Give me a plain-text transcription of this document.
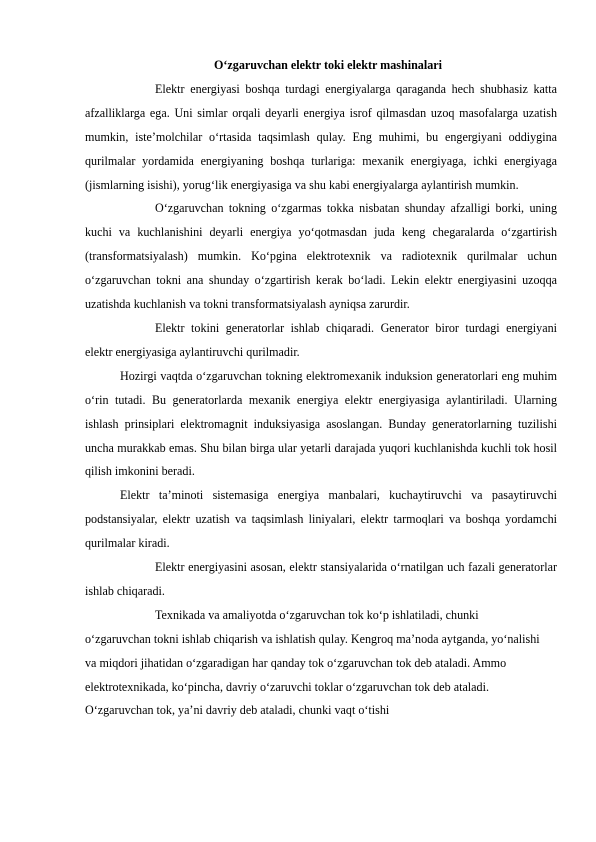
O‘zgaruvchan elektr toki elektr mashinalari

Elektr energiyasi boshqa turdagi energiyalarga qaraganda hech shubhasiz katta afzalliklarga ega. Uni simlar orqali deyarli energiya isrof qilmasdan uzoq masofalarga uzatish mumkin, iste’molchilar o‘rtasida taqsimlash qulay. Eng muhimi, bu engergiyani oddiygina qurilmalar yordamida energiyaning boshqa turlariga: mexanik energiyaga, ichki energiyaga (jismlarning isishi), yorug‘lik energiyasiga va shu kabi energiyalarga aylantirish mumkin.

O‘zgaruvchan tokning o‘zgarmas tokka nisbatan shunday afzalligi borki, uning kuchi va kuchlanishini deyarli energiya yo‘qotmasdan juda keng chegaralarda o‘zgartirish (transformatsiyalash) mumkin. Ko‘pgina elektrotexnik va radiotexnik qurilmalar uchun o‘zgaruvchan tokni ana shunday o‘zgartirish kerak bo‘ladi. Lekin elektr energiyasini uzoqqa uzatishda kuchlanish va tokni transformatsiyalash ayniqsa zarurdir.

Elektr tokini generatorlar ishlab chiqaradi. Generator biror turdagi energiyani elektr energiyasiga aylantiruvchi qurilmadir.

Hozirgi vaqtda o‘zgaruvchan tokning elektromexanik induksion generatorlari eng muhim o‘rin tutadi. Bu generatorlarda mexanik energiya elektr energiyasiga aylantiriladi. Ularning ishlash prinsiplari elektromagnit induksiyasiga asoslangan. Bunday generatorlarning tuzilishi uncha murakkab emas. Shu bilan birga ular yetarli darajada yuqori kuchlanishda kuchli tok hosil qilish imkonini beradi.

Elektr ta’minoti sistemasiga energiya manbalari, kuchaytiruvchi va pasaytiruvchi podstansiyalar, elektr uzatish va taqsimlash liniyalari, elektr tarmoqlari va boshqa yordamchi qurilmalar kiradi.

Elektr energiyasini asosan, elektr stansiyalarida o‘rnatilgan uch fazali generatorlar ishlab chiqaradi.

Texnikada va amaliyotda o‘zgaruvchan tok ko‘p ishlatiladi, chunki o‘zgaruvchan tokni ishlab chiqarish va ishlatish qulay. Kengroq ma’noda aytganda, yo‘nalishi va miqdori jihatidan o‘zgaradigan har qanday tok o‘zgaruvchan tok deb ataladi. Ammo elektrotexnikada, ko‘pincha, davriy o‘zaruvchi toklar o‘zgaruvchan tok deb ataladi. O‘zgaruvchan tok, ya’ni davriy deb ataladi, chunki vaqt o‘tishi
